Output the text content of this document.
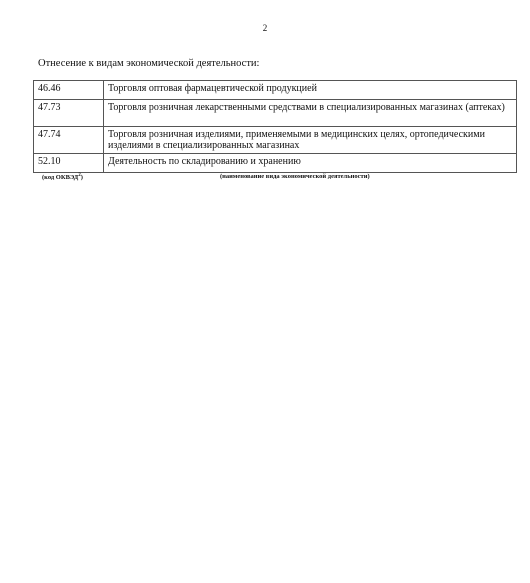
2
Отнесение к видам экономической деятельности:
46.46	Торговля оптовая фармацевтической продукцией
47.73	Торговля розничная лекарственными средствами в специализированных магазинах (аптеках)
47.74	Торговля розничная изделиями, применяемыми в медицинских целях, ортопедическими изделиями в специализированных магазинах
52.10	Деятельность по складированию и хранению
(код ОКВЭД$^2$)	(наименование вида экономической деятельности)
